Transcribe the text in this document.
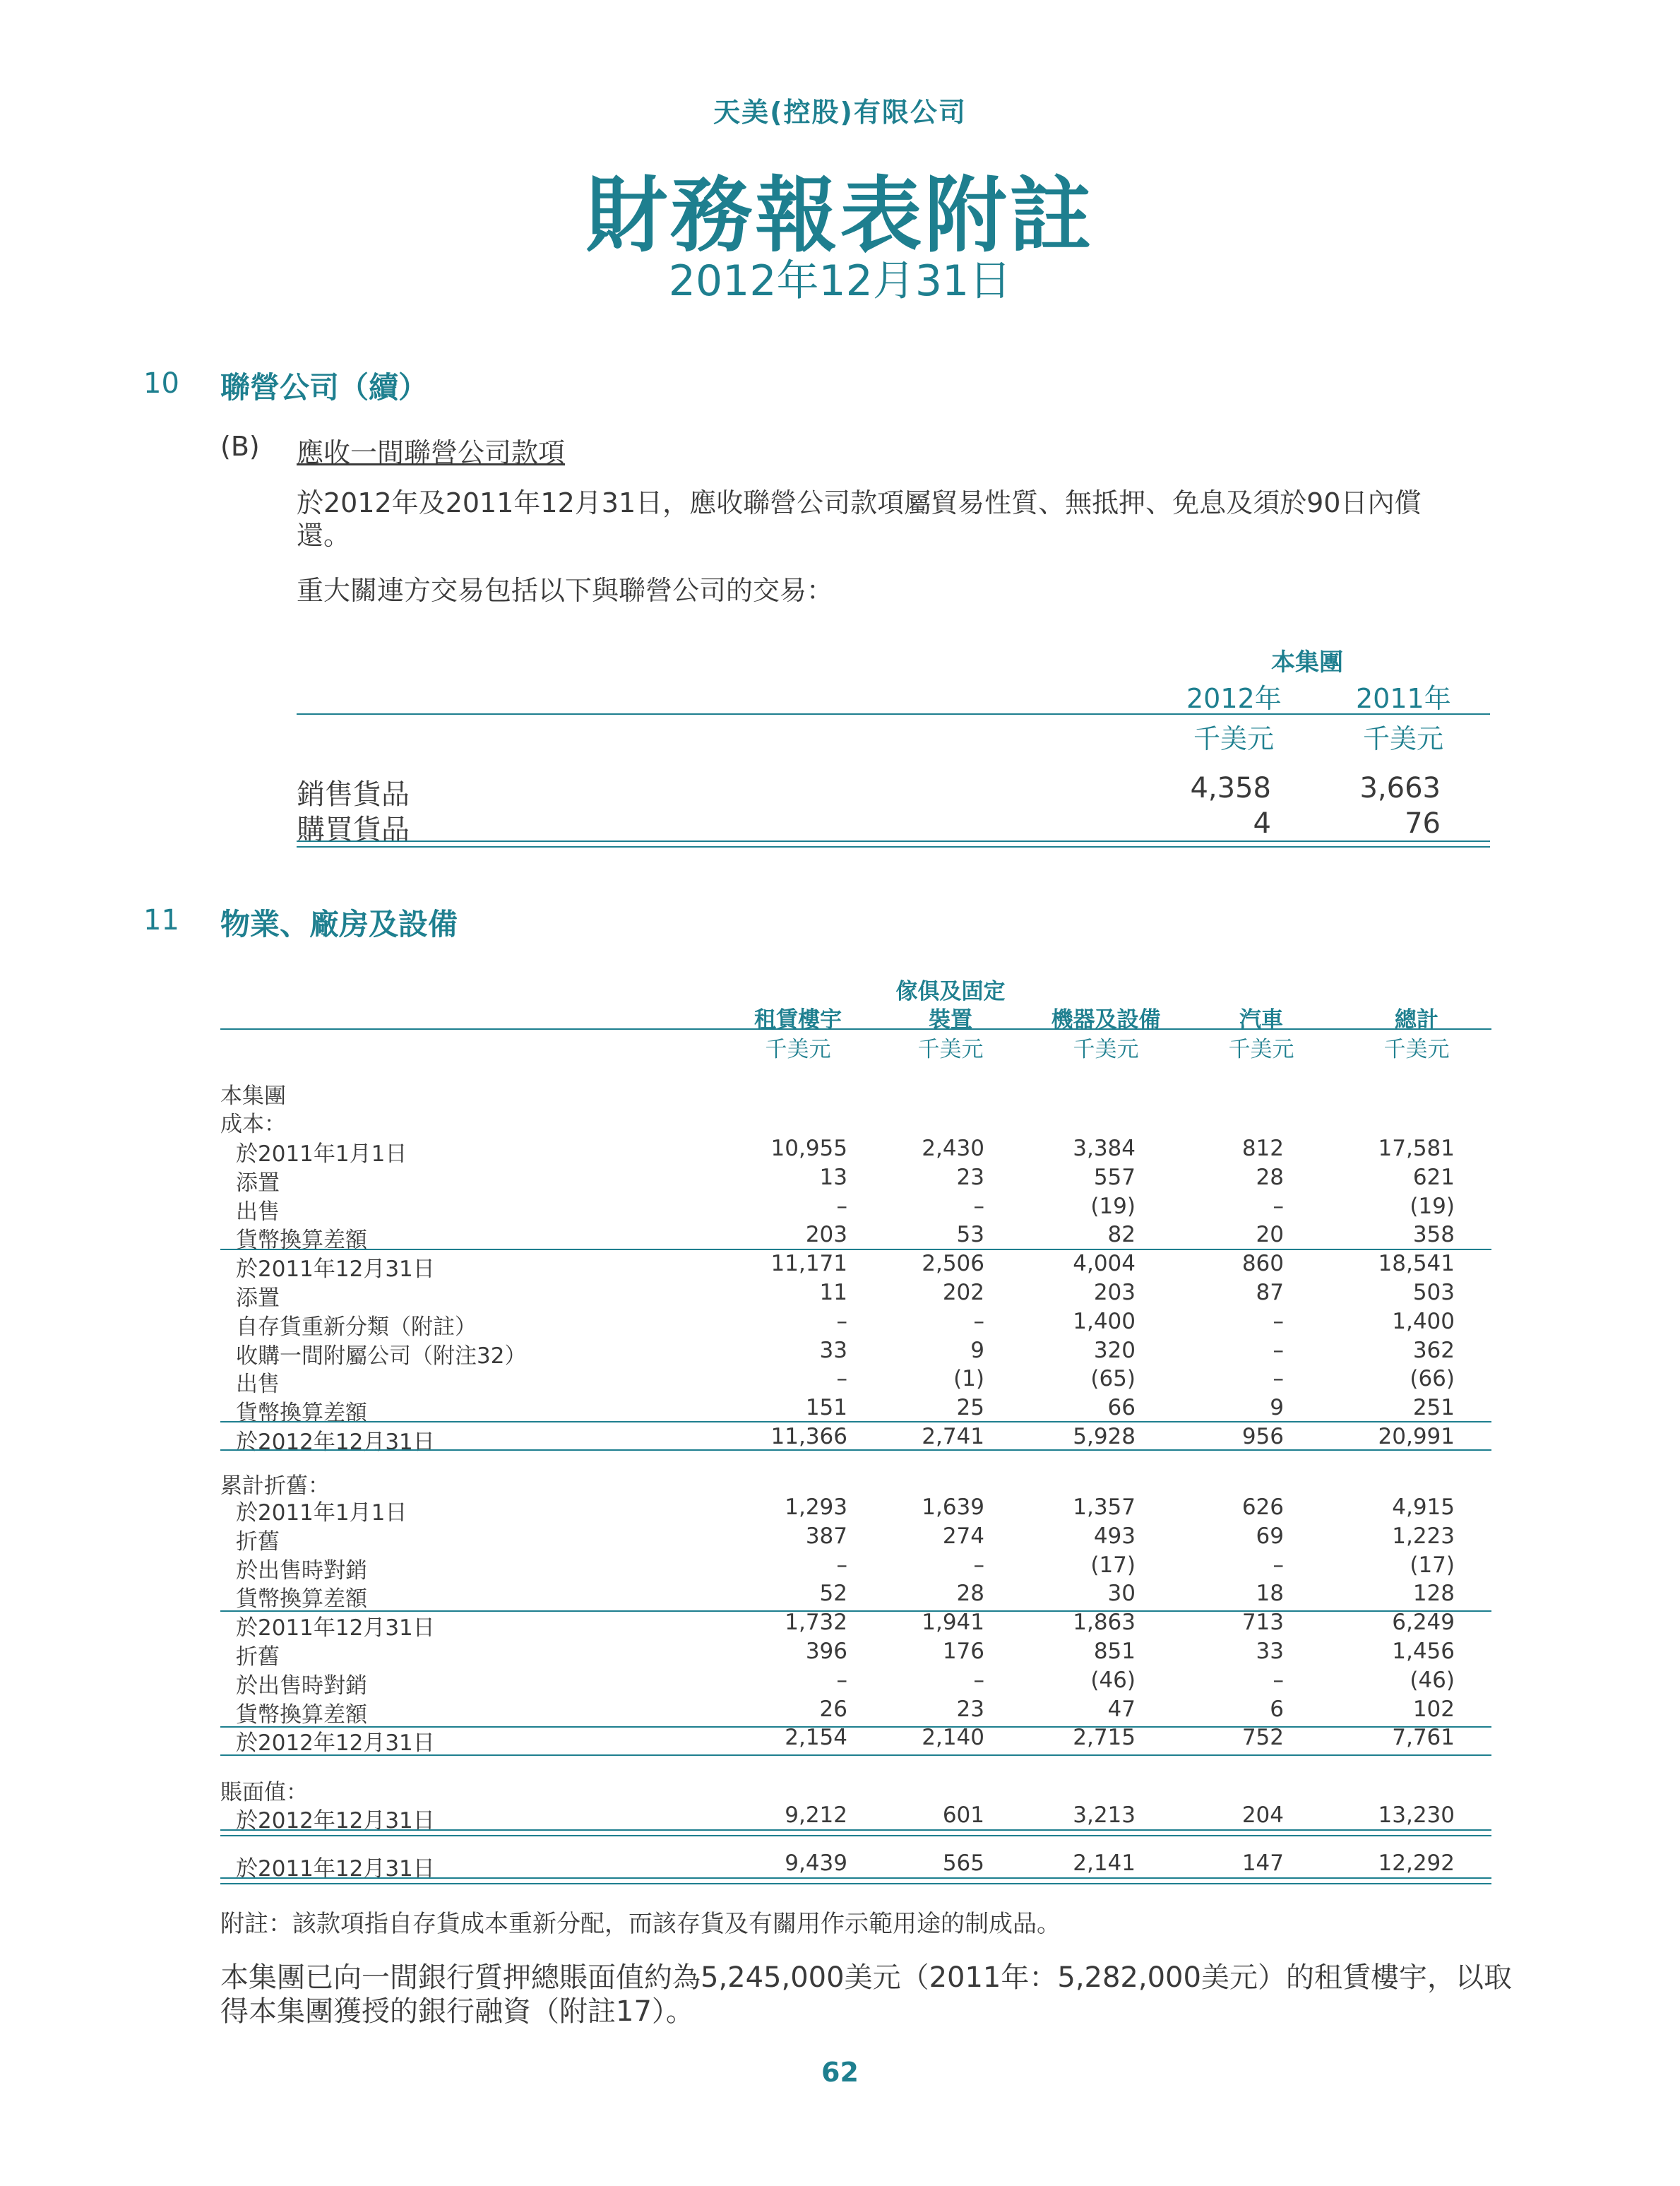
天美(控股)有限公司
財務報表附註
2012年12月31日
10 聯營公司（續）
(B) 應收一間聯營公司款項
於2012年及2011年12月31日，應收聯營公司款項屬貿易性質、無抵押、免息及須於90日內償
還。
重大關連方交易包括以下與聯營公司的交易：
本集團
2012年	2011年
千美元	千美元
銷售貨品	4,358	3,663
購買貨品	4	76
11 物業、廠房及設備
傢俱及固定
租賃樓宇	裝置	機器及設備	汽車	總計
千美元	千美元	千美元	千美元	千美元
本集團
成本：
於2011年1月1日	10,955	2,430	3,384	812	17,581
添置	13	23	557	28	621
出售	–	–	(19)	–	(19)
貨幣換算差額	203	53	82	20	358
於2011年12月31日	11,171	2,506	4,004	860	18,541
添置	11	202	203	87	503
自存貨重新分類（附註）	–	–	1,400	–	1,400
收購一間附屬公司（附注32）	33	9	320	–	362
出售	–	(1)	(65)	–	(66)
貨幣換算差額	151	25	66	9	251
於2012年12月31日	11,366	2,741	5,928	956	20,991
累計折舊：
於2011年1月1日	1,293	1,639	1,357	626	4,915
折舊	387	274	493	69	1,223
於出售時對銷	–	–	(17)	–	(17)
貨幣換算差額	52	28	30	18	128
於2011年12月31日	1,732	1,941	1,863	713	6,249
折舊	396	176	851	33	1,456
於出售時對銷	–	–	(46)	–	(46)
貨幣換算差額	26	23	47	6	102
於2012年12月31日	2,154	2,140	2,715	752	7,761
賬面值：
於2012年12月31日	9,212	601	3,213	204	13,230
於2011年12月31日	9,439	565	2,141	147	12,292
附註：該款項指自存貨成本重新分配，而該存貨及有關用作示範用途的制成品。
本集團已向一間銀行質押總賬面值約為5,245,000美元（2011年：5,282,000美元）的租賃樓宇，以取
得本集團獲授的銀行融資（附註17）。
62
